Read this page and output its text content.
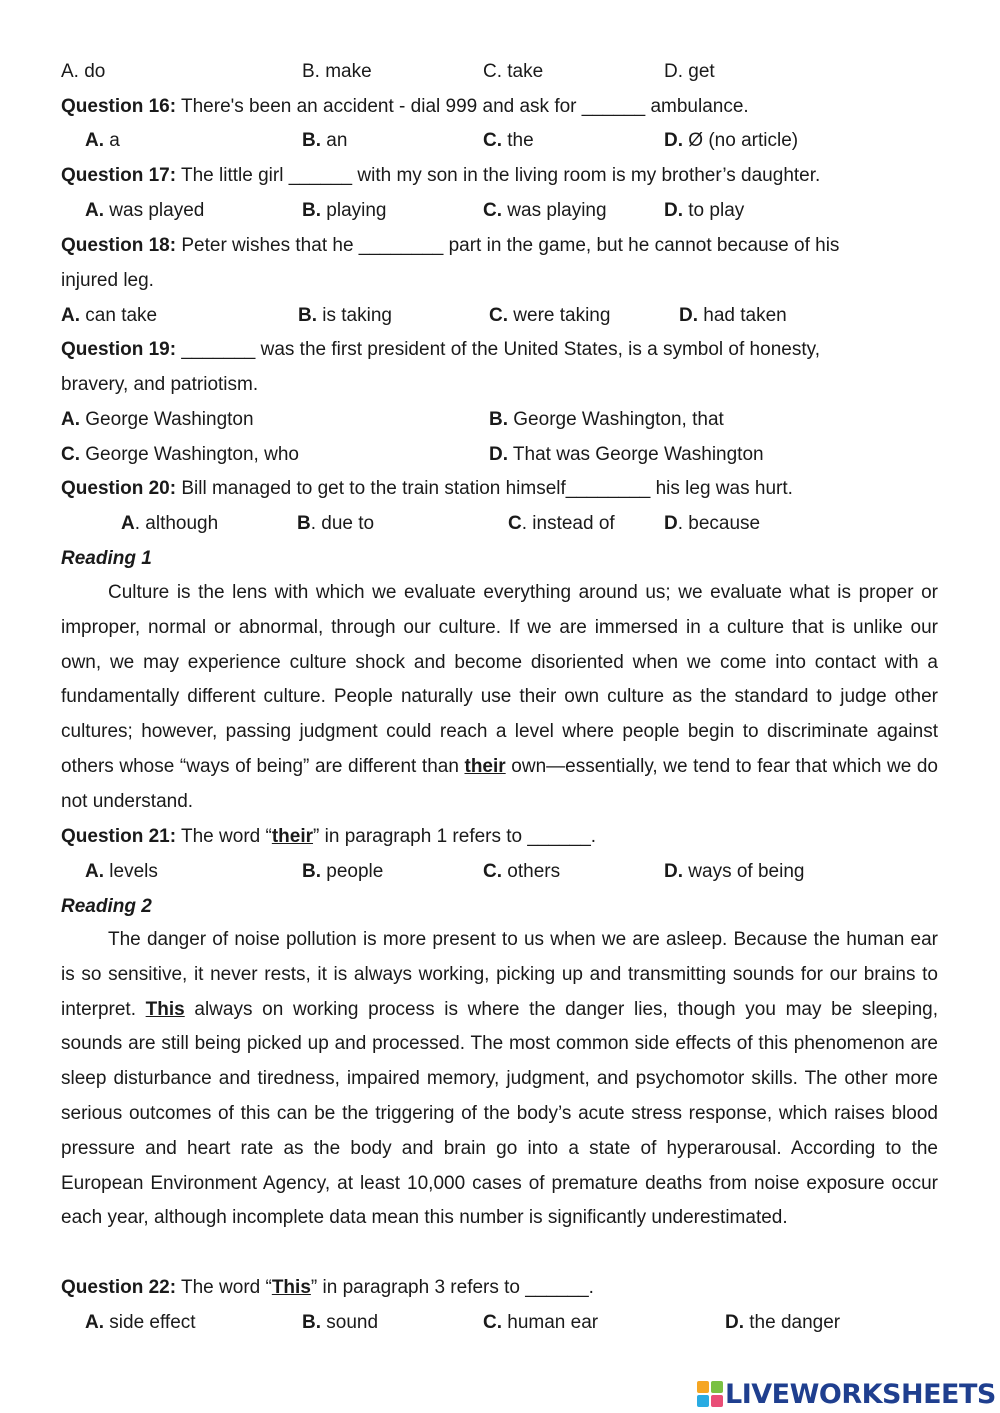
A. do	B. make	C. take	D. get
Question 16: There's been an accident - dial 999 and ask for ______ ambulance.
A. a	B. an	C. the	D. Ø (no article)
Question 17: The little girl ______ with my son in the living room is my brother’s daughter.
A. was played	B. playing	C. was playing	D. to play
Question 18: Peter wishes that he ________ part in the game, but he cannot because of his
injured leg.
A. can take	B. is taking	C. were taking	D. had taken
Question 19: _______ was the first president of the United States, is a symbol of honesty,
bravery, and patriotism.
A. George Washington	B. George Washington, that
C. George Washington, who	D. That was George Washington
Question 20: Bill managed to get to the train station himself________ his leg was hurt.
A. although	B. due to	C. instead of	D. because
Reading 1
Culture is the lens with which we evaluate everything around us; we evaluate what is proper or improper, normal or abnormal, through our culture. If we are immersed in a culture that is unlike our own, we may experience culture shock and become disoriented when we come into contact with a fundamentally different culture. People naturally use their own culture as the standard to judge other cultures; however, passing judgment could reach a level where people begin to discriminate against others whose “ways of being” are different than their own—essentially, we tend to fear that which we do not understand.
Question 21: The word “their” in paragraph 1 refers to ______.
A. levels	B. people	C. others	D. ways of being
Reading 2
The danger of noise pollution is more present to us when we are asleep. Because the human ear is so sensitive, it never rests, it is always working, picking up and transmitting sounds for our brains to interpret. This always on working process is where the danger lies, though you may be sleeping, sounds are still being picked up and processed. The most common side effects of this phenomenon are sleep disturbance and tiredness, impaired memory, judgment, and psychomotor skills. The other more serious outcomes of this can be the triggering of the body’s acute stress response, which raises blood pressure and heart rate as the body and brain go into a state of hyperarousal. According to the European Environment Agency, at least 10,000 cases of premature deaths from noise exposure occur each year, although incomplete data mean this number is significantly underestimated.
Question 22: The word “This” in paragraph 3 refers to ______.
A. side effect	B. sound	C. human ear	D. the danger
LIVEWORKSHEETS
